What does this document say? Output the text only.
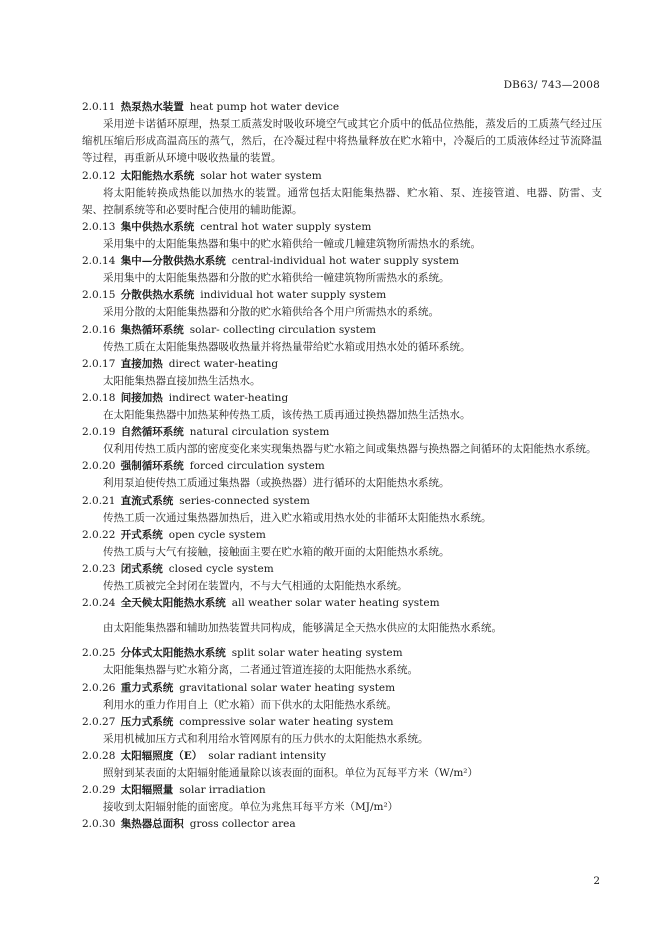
DB63/ 743—2008
2.0.11 热泵热水装置 heat pump hot water device

采用逆卡诺循环原理，热泵工质蒸发时吸收环境空气或其它介质中的低品位热能，蒸发后的工质蒸气经过压缩机压缩后形成高温高压的蒸气，然后，在冷凝过程中将热量释放在贮水箱中，冷凝后的工质液体经过节流降温等过程，再重新从环境中吸收热量的装置。

2.0.12 太阳能热水系统 solar hot water system

将太阳能转换成热能以加热水的装置。通常包括太阳能集热器、贮水箱、泵、连接管道、电器、防雷、支架、控制系统等和必要时配合使用的辅助能源。

2.0.13 集中供热水系统 central hot water supply system

采用集中的太阳能集热器和集中的贮水箱供给一幢或几幢建筑物所需热水的系统。

2.0.14 集中—分散供热水系统 central-individual hot water supply system

采用集中的太阳能集热器和分散的贮水箱供给一幢建筑物所需热水的系统。

2.0.15 分散供热水系统 individual hot water supply system

采用分散的太阳能集热器和分散的贮水箱供给各个用户所需热水的系统。

2.0.16 集热循环系统 solar- collecting circulation system

传热工质在太阳能集热器吸收热量并将热量带给贮水箱或用热水处的循环系统。

2.0.17 直接加热 direct water-heating

太阳能集热器直接加热生活热水。

2.0.18 间接加热 indirect water-heating

在太阳能集热器中加热某种传热工质，该传热工质再通过换热器加热生活热水。

2.0.19 自然循环系统 natural circulation system

仅利用传热工质内部的密度变化来实现集热器与贮水箱之间或集热器与换热器之间循环的太阳能热水系统。

2.0.20 强制循环系统 forced circulation system

利用泵迫使传热工质通过集热器（或换热器）进行循环的太阳能热水系统。

2.0.21 直流式系统 series-connected system

传热工质一次通过集热器加热后，进入贮水箱或用热水处的非循环太阳能热水系统。

2.0.22 开式系统 open cycle system

传热工质与大气有接触，接触面主要在贮水箱的敞开面的太阳能热水系统。

2.0.23 闭式系统 closed cycle system

传热工质被完全封闭在装置内，不与大气相通的太阳能热水系统。

2.0.24 全天候太阳能热水系统 all weather solar water heating system

由太阳能集热器和辅助加热装置共同构成，能够满足全天热水供应的太阳能热水系统。

2.0.25 分体式太阳能热水系统 split solar water heating system

太阳能集热器与贮水箱分离，二者通过管道连接的太阳能热水系统。

2.0.26 重力式系统 gravitational solar water heating system

利用水的重力作用自上（贮水箱）而下供水的太阳能热水系统。

2.0.27 压力式系统 compressive solar water heating system

采用机械加压方式和利用给水管网原有的压力供水的太阳能热水系统。

2.0.28 太阳辐照度（E） solar radiant intensity

照射到某表面的太阳辐射能通量除以该表面的面积。单位为瓦每平方米（W/m²）

2.0.29 太阳辐照量 solar irradiation

接收到太阳辐射能的面密度。单位为兆焦耳每平方米（MJ/m²）

2.0.30 集热器总面积 gross collector area
2
